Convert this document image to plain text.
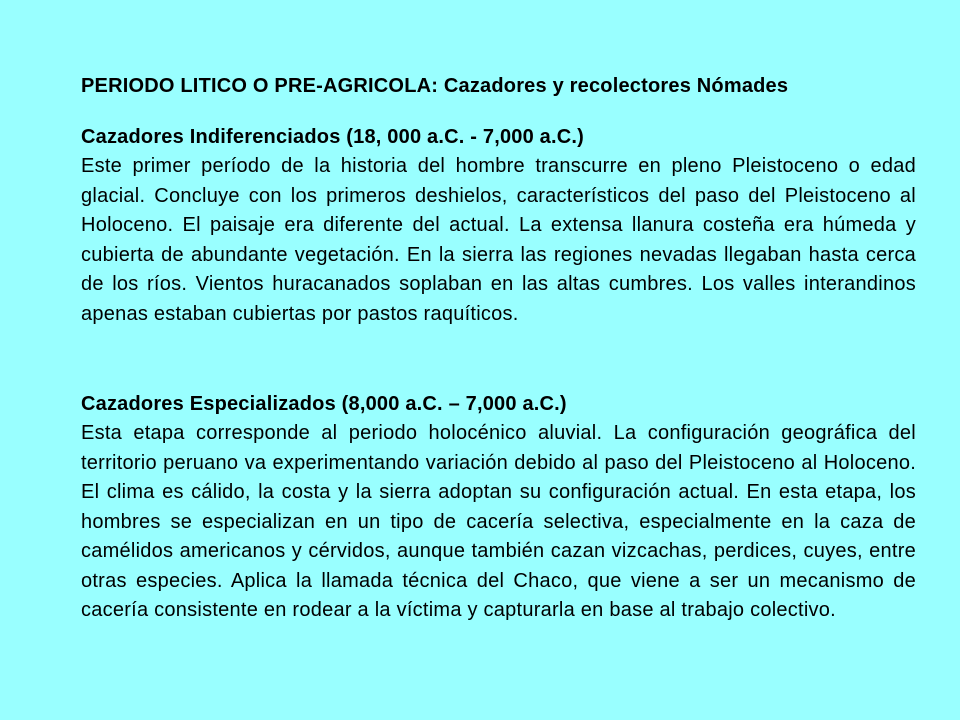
PERIODO LITICO O PRE-AGRICOLA: Cazadores y recolectores Nómades
Cazadores Indiferenciados (18, 000 a.C. - 7,000 a.C.)
Este primer período de la historia del hombre transcurre en pleno Pleistoceno o edad glacial. Concluye con los primeros deshielos, característicos del paso del Pleistoceno al Holoceno. El paisaje era diferente del actual. La extensa llanura costeña era húmeda y cubierta de abundante vegetación. En la sierra las regiones nevadas llegaban hasta cerca de los ríos. Vientos huracanados soplaban en las altas cumbres. Los valles interandinos apenas estaban cubiertas por pastos raquíticos.
Cazadores Especializados (8,000 a.C. – 7,000 a.C.)
Esta etapa corresponde al periodo holocénico aluvial. La configuración geográfica del territorio peruano va experimentando variación debido al paso del Pleistoceno al Holoceno. El clima es cálido, la costa y la sierra adoptan su configuración actual. En esta etapa, los hombres se especializan en un tipo de cacería selectiva, especialmente en la caza de camélidos americanos y cérvidos, aunque también cazan vizcachas, perdices, cuyes, entre otras especies. Aplica la llamada técnica del Chaco, que viene a ser un mecanismo de cacería consistente en rodear a la víctima y capturarla en base al trabajo colectivo.
